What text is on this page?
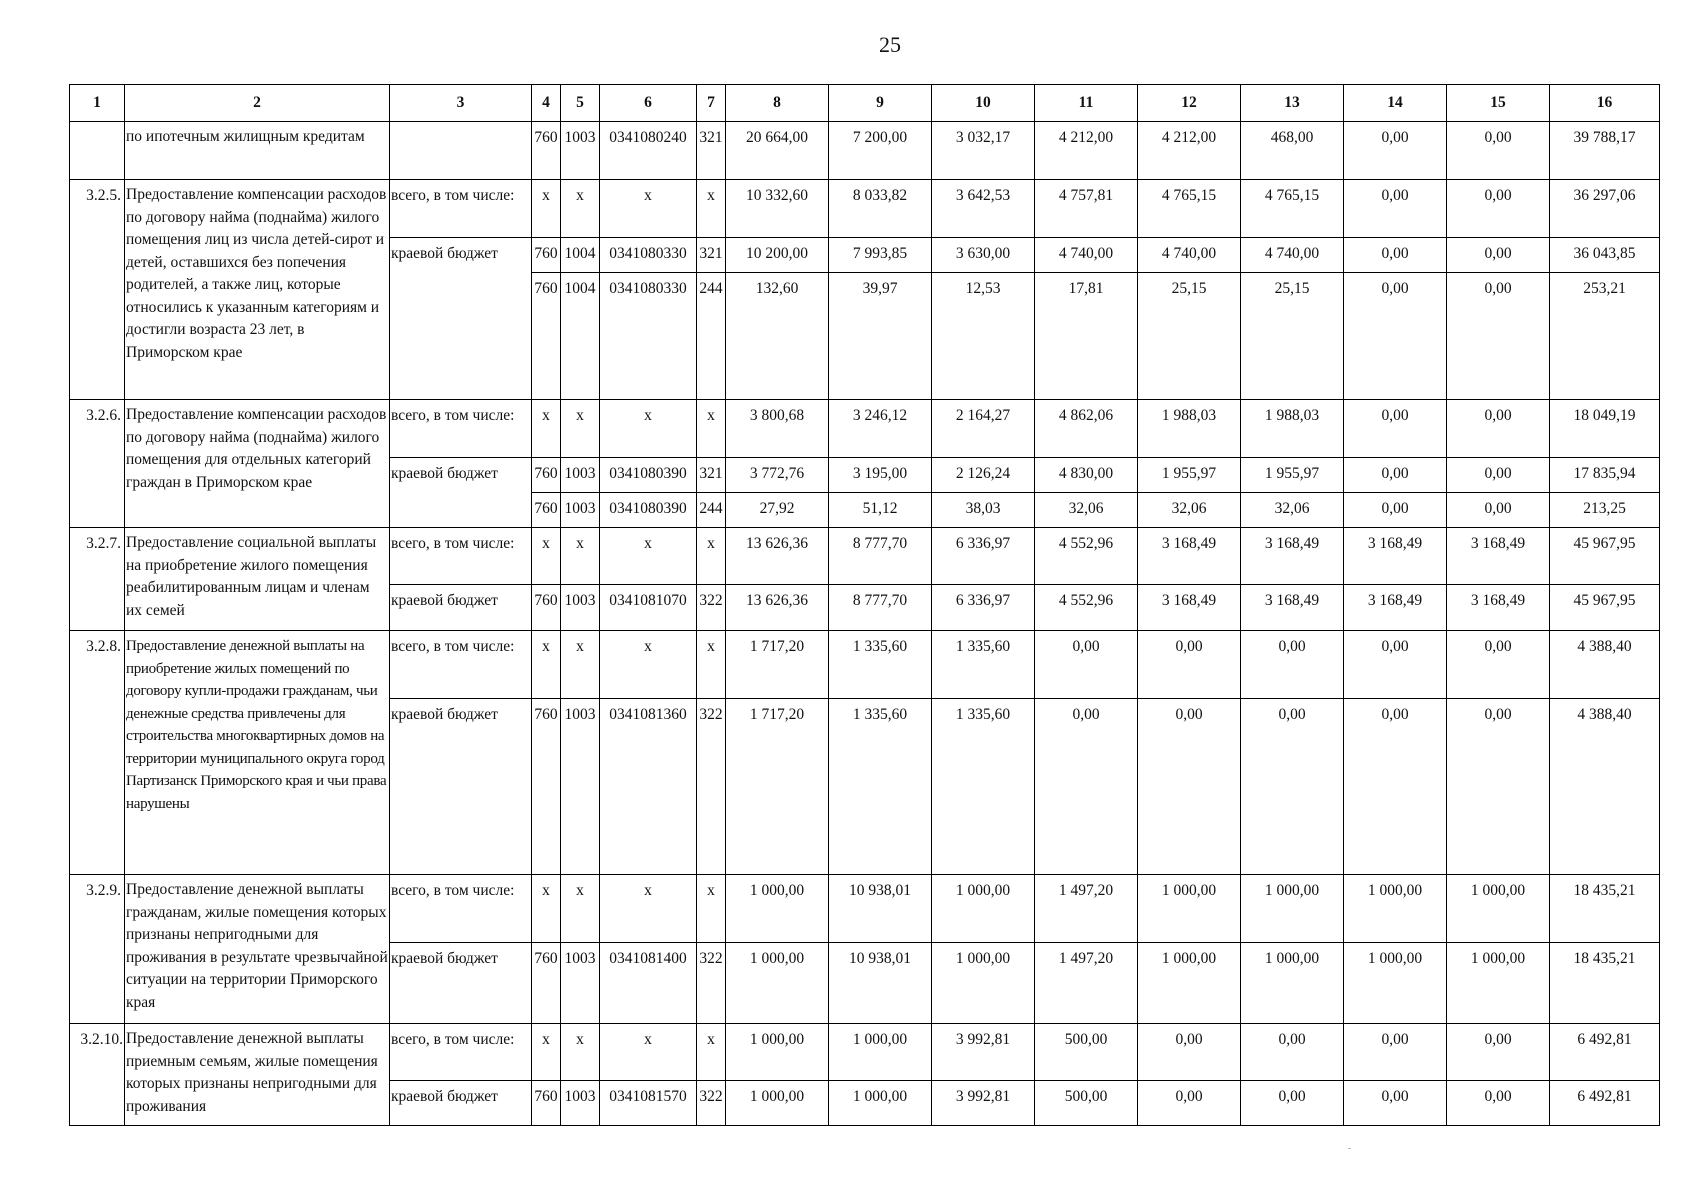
25
1	2	3	4	5	6	7	8	9	10	11	12	13	14	15	16
	по ипотечным жилищным кредитам		760	1003	0341080240	321	20 664,00	7 200,00	3 032,17	4 212,00	4 212,00	468,00	0,00	0,00	39 788,17
3.2.5.	Предоставление компенсации расходов по договору найма (поднайма) жилого помещения лиц из числа детей-сирот и детей, оставшихся без попечения родителей, а также лиц, которые относились к указанным категориям и достигли возраста 23 лет, в Приморском крае	всего, в том числе:	x	x	x	x	10 332,60	8 033,82	3 642,53	4 757,81	4 765,15	4 765,15	0,00	0,00	36 297,06
		краевой бюджет	760	1004	0341080330	321	10 200,00	7 993,85	3 630,00	4 740,00	4 740,00	4 740,00	0,00	0,00	36 043,85
			760	1004	0341080330	244	132,60	39,97	12,53	17,81	25,15	25,15	0,00	0,00	253,21
3.2.6.	Предоставление компенсации расходов по договору найма (поднайма) жилого помещения для отдельных категорий граждан в Приморском крае	всего, в том числе:	x	x	x	x	3 800,68	3 246,12	2 164,27	4 862,06	1 988,03	1 988,03	0,00	0,00	18 049,19
		краевой бюджет	760	1003	0341080390	321	3 772,76	3 195,00	2 126,24	4 830,00	1 955,97	1 955,97	0,00	0,00	17 835,94
			760	1003	0341080390	244	27,92	51,12	38,03	32,06	32,06	32,06	0,00	0,00	213,25
3.2.7.	Предоставление социальной выплаты на приобретение жилого помещения реабилитированным лицам и членам их семей	всего, в том числе:	x	x	x	x	13 626,36	8 777,70	6 336,97	4 552,96	3 168,49	3 168,49	3 168,49	3 168,49	45 967,95
		краевой бюджет	760	1003	0341081070	322	13 626,36	8 777,70	6 336,97	4 552,96	3 168,49	3 168,49	3 168,49	3 168,49	45 967,95
3.2.8.	Предоставление денежной выплаты на приобретение жилых помещений по договору купли-продажи гражданам, чьи денежные средства привлечены для строительства многоквартирных домов на территории муниципального округа город Партизанск Приморского края и чьи права нарушены	всего, в том числе:	x	x	x	x	1 717,20	1 335,60	1 335,60	0,00	0,00	0,00	0,00	0,00	4 388,40
		краевой бюджет	760	1003	0341081360	322	1 717,20	1 335,60	1 335,60	0,00	0,00	0,00	0,00	0,00	4 388,40
3.2.9.	Предоставление денежной выплаты гражданам, жилые помещения которых признаны непригодными для проживания в результате чрезвычайной ситуации на территории Приморского края	всего, в том числе:	x	x	x	x	1 000,00	10 938,01	1 000,00	1 497,20	1 000,00	1 000,00	1 000,00	1 000,00	18 435,21
		краевой бюджет	760	1003	0341081400	322	1 000,00	10 938,01	1 000,00	1 497,20	1 000,00	1 000,00	1 000,00	1 000,00	18 435,21
3.2.10.	Предоставление денежной выплаты приемным семьям, жилые помещения которых признаны непригодными для проживания	всего, в том числе:	x	x	x	x	1 000,00	1 000,00	3 992,81	500,00	0,00	0,00	0,00	0,00	6 492,81
		краевой бюджет	760	1003	0341081570	322	1 000,00	1 000,00	3 992,81	500,00	0,00	0,00	0,00	0,00	6 492,81
